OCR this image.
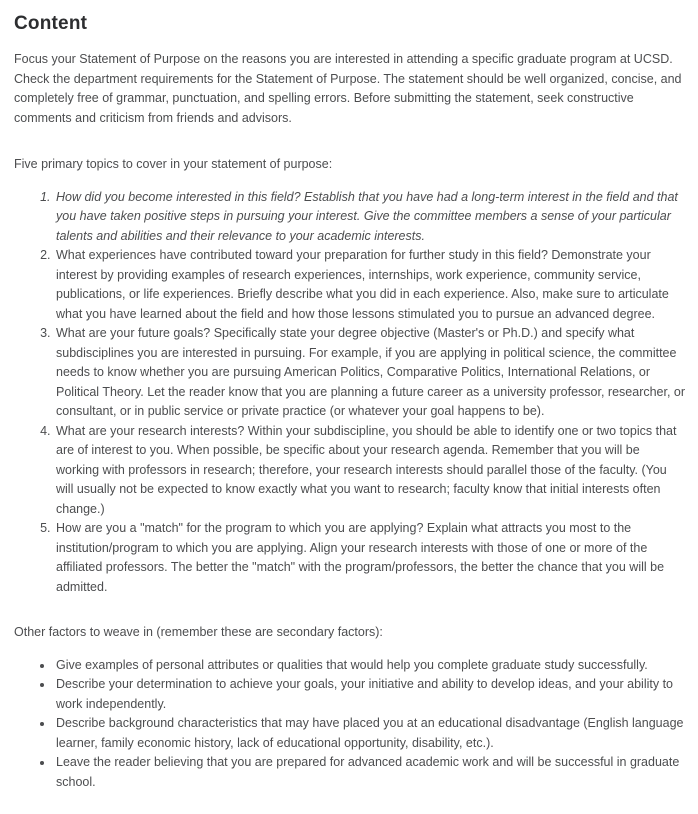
Content

Focus your Statement of Purpose on the reasons you are interested in attending a specific graduate program at UCSD. Check the department requirements for the Statement of Purpose. The statement should be well organized, concise, and completely free of grammar, punctuation, and spelling errors. Before submitting the statement, seek constructive comments and criticism from friends and advisors.

Five primary topics to cover in your statement of purpose:

1. How did you become interested in this field? Establish that you have had a long-term interest in the field and that you have taken positive steps in pursuing your interest. Give the committee members a sense of your particular talents and abilities and their relevance to your academic interests.
2. What experiences have contributed toward your preparation for further study in this field? Demonstrate your interest by providing examples of research experiences, internships, work experience, community service, publications, or life experiences. Briefly describe what you did in each experience. Also, make sure to articulate what you have learned about the field and how those lessons stimulated you to pursue an advanced degree.
3. What are your future goals? Specifically state your degree objective (Master's or Ph.D.) and specify what subdisciplines you are interested in pursuing. For example, if you are applying in political science, the committee needs to know whether you are pursuing American Politics, Comparative Politics, International Relations, or Political Theory. Let the reader know that you are planning a future career as a university professor, researcher, or consultant, or in public service or private practice (or whatever your goal happens to be).
4. What are your research interests? Within your subdiscipline, you should be able to identify one or two topics that are of interest to you. When possible, be specific about your research agenda. Remember that you will be working with professors in research; therefore, your research interests should parallel those of the faculty. (You will usually not be expected to know exactly what you want to research; faculty know that initial interests often change.)
5. How are you a "match" for the program to which you are applying? Explain what attracts you most to the institution/program to which you are applying. Align your research interests with those of one or more of the affiliated professors. The better the "match" with the program/professors, the better the chance that you will be admitted.

Other factors to weave in (remember these are secondary factors):

• Give examples of personal attributes or qualities that would help you complete graduate study successfully.
• Describe your determination to achieve your goals, your initiative and ability to develop ideas, and your ability to work independently.
• Describe background characteristics that may have placed you at an educational disadvantage (English language learner, family economic history, lack of educational opportunity, disability, etc.).
• Leave the reader believing that you are prepared for advanced academic work and will be successful in graduate school.
